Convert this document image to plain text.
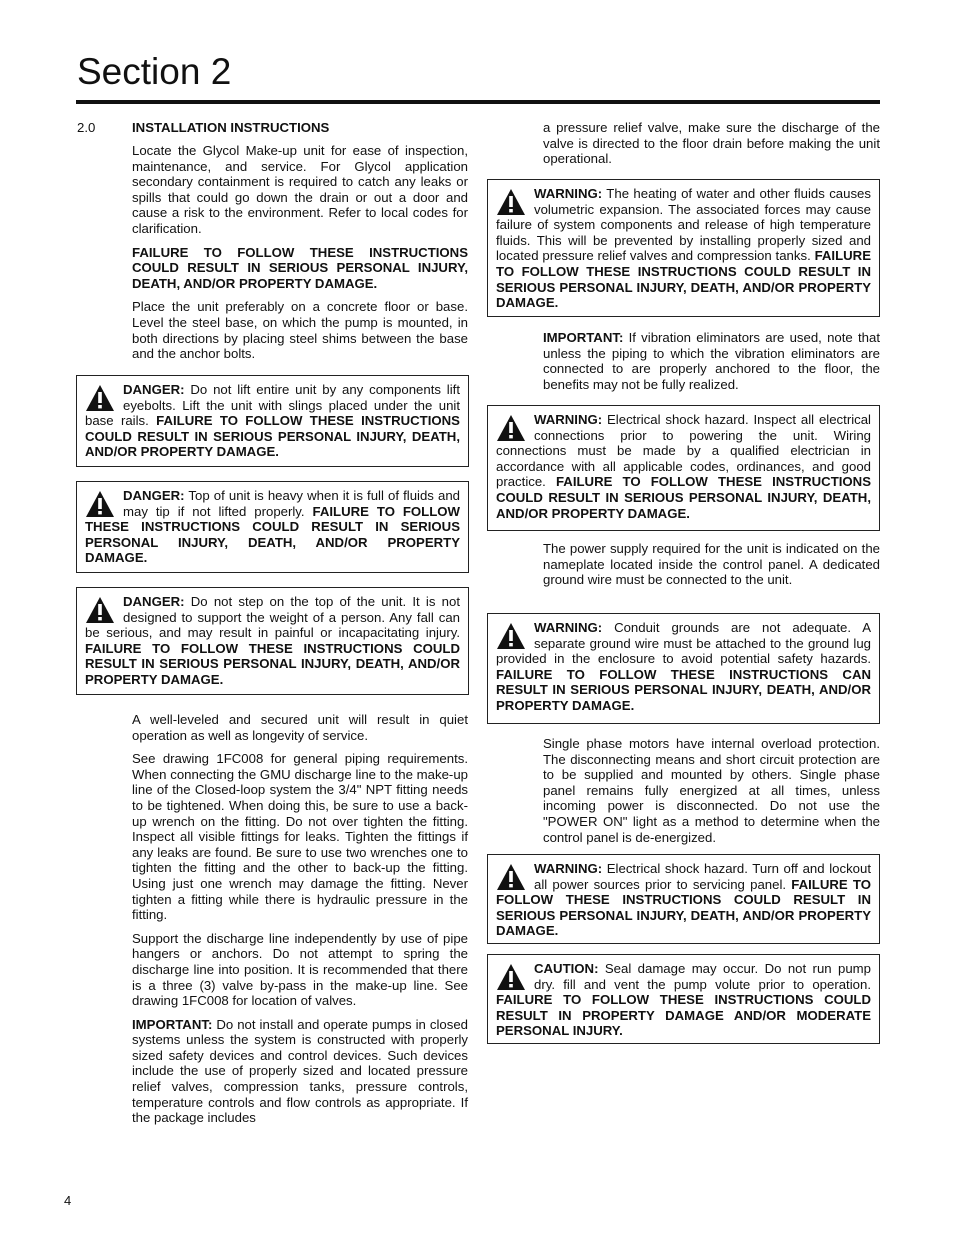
Section 2
2.0	INSTALLATION INSTRUCTIONS

Locate the Glycol Make-up unit for ease of inspection, maintenance, and service. For Glycol application secondary containment is required to catch any leaks or spills that could go down the drain or out a door and cause a risk to the environment. Refer to local codes for clarification.

FAILURE TO FOLLOW THESE INSTRUCTIONS COULD RESULT IN SERIOUS PERSONAL INJURY, DEATH, AND/OR PROPERTY DAMAGE.

Place the unit preferably on a concrete floor or base. Level the steel base, on which the pump is mounted, in both directions by placing steel shims between the base and the anchor bolts.

DANGER: Do not lift entire unit by any components lift eyebolts. Lift the unit with slings placed under the unit base rails. FAILURE TO FOLLOW THESE INSTRUCTIONS COULD RESULT IN SERIOUS PERSONAL INJURY, DEATH, AND/OR PROPERTY DAMAGE.

DANGER: Top of unit is heavy when it is full of fluids and may tip if not lifted properly. FAILURE TO FOLLOW THESE INSTRUCTIONS COULD RESULT IN SERIOUS PERSONAL INJURY, DEATH, AND/OR PROPERTY DAMAGE.

DANGER: Do not step on the top of the unit. It is not designed to support the weight of a person. Any fall can be serious, and may result in painful or incapacitating injury. FAILURE TO FOLLOW THESE INSTRUCTIONS COULD RESULT IN SERIOUS PERSONAL INJURY, DEATH, AND/OR PROPERTY DAMAGE.

A well-leveled and secured unit will result in quiet operation as well as longevity of service.

See drawing 1FC008 for general piping requirements. When connecting the GMU discharge line to the make-up line of the Closed-loop system the 3/4" NPT fitting needs to be tightened. When doing this, be sure to use a back-up wrench on the fitting. Do not over tighten the fitting. Inspect all visible fittings for leaks. Tighten the fittings if any leaks are found. Be sure to use two wrenches one to tighten the fitting and the other to back-up the fitting. Using just one wrench may damage the fitting. Never tighten a fitting while there is hydraulic pressure in the fitting.

Support the discharge line independently by use of pipe hangers or anchors. Do not attempt to spring the discharge line into position. It is recommended that there is a three (3) valve by-pass in the make-up line. See drawing 1FC008 for location of valves.

IMPORTANT: Do not install and operate pumps in closed systems unless the system is constructed with properly sized safety devices and control devices. Such devices include the use of properly sized and located pressure relief valves, compression tanks, pressure controls, temperature controls and flow controls as appropriate. If the package includes

a pressure relief valve, make sure the discharge of the valve is directed to the floor drain before making the unit operational.

WARNING: The heating of water and other fluids causes volumetric expansion. The associated forces may cause failure of system components and release of high temperature fluids. This will be prevented by installing properly sized and located pressure relief valves and compression tanks. FAILURE TO FOLLOW THESE INSTRUCTIONS COULD RESULT IN SERIOUS PERSONAL INJURY, DEATH, AND/OR PROPERTY DAMAGE.

IMPORTANT: If vibration eliminators are used, note that unless the piping to which the vibration eliminators are connected to are properly anchored to the floor, the benefits may not be fully realized.

WARNING: Electrical shock hazard. Inspect all electrical connections prior to powering the unit. Wiring connections must be made by a qualified electrician in accordance with all applicable codes, ordinances, and good practice. FAILURE TO FOLLOW THESE INSTRUCTIONS COULD RESULT IN SERIOUS PERSONAL INJURY, DEATH, AND/OR PROPERTY DAMAGE.

The power supply required for the unit is indicated on the nameplate located inside the control panel. A dedicated ground wire must be connected to the unit.

WARNING: Conduit grounds are not adequate. A separate ground wire must be attached to the ground lug provided in the enclosure to avoid potential safety hazards. FAILURE TO FOLLOW THESE INSTRUCTIONS CAN RESULT IN SERIOUS PERSONAL INJURY, DEATH, AND/OR PROPERTY DAMAGE.

Single phase motors have internal overload protection. The disconnecting means and short circuit protection are to be supplied and mounted by others. Single phase panel remains fully energized at all times, unless incoming power is disconnected. Do not use the "POWER ON" light as a method to determine when the control panel is de-energized.

WARNING: Electrical shock hazard. Turn off and lockout all power sources prior to servicing panel. FAILURE TO FOLLOW THESE INSTRUCTIONS COULD RESULT IN SERIOUS PERSONAL INJURY, DEATH, AND/OR PROPERTY DAMAGE.

CAUTION: Seal damage may occur. Do not run pump dry. fill and vent the pump volute prior to operation. FAILURE TO FOLLOW THESE INSTRUCTIONS COULD RESULT IN PROPERTY DAMAGE AND/OR MODERATE PERSONAL INJURY.

4
